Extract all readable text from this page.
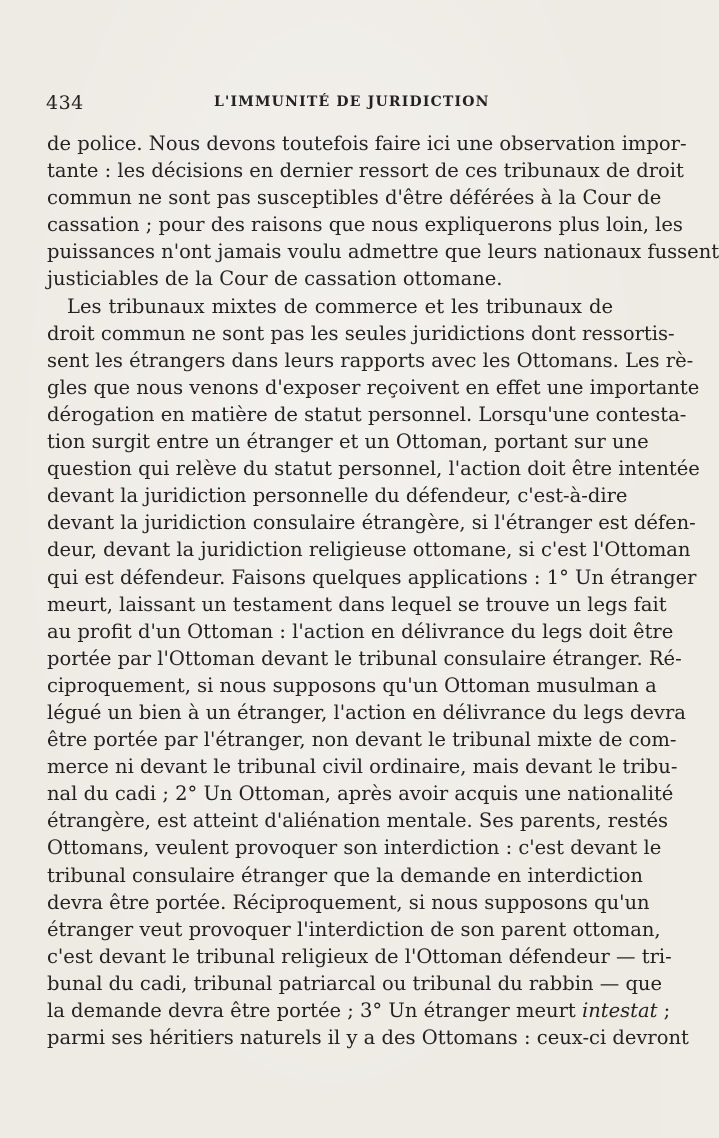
434	L'IMMUNITÉ DE JURIDICTION
de police. Nous devons toutefois faire ici une observation impor-
tante : les décisions en dernier ressort de ces tribunaux de droit
commun ne sont pas susceptibles d'être déférées à la Cour de
cassation ; pour des raisons que nous expliquerons plus loin, les
puissances n'ont jamais voulu admettre que leurs nationaux fussent
justiciables de la Cour de cassation ottomane.
Les tribunaux mixtes de commerce et les tribunaux de
droit commun ne sont pas les seules juridictions dont ressortis-
sent les étrangers dans leurs rapports avec les Ottomans. Les rè-
gles que nous venons d'exposer reçoivent en effet une importante
dérogation en matière de statut personnel. Lorsqu'une contesta-
tion surgit entre un étranger et un Ottoman, portant sur une
question qui relève du statut personnel, l'action doit être intentée
devant la juridiction personnelle du défendeur, c'est-à-dire
devant la juridiction consulaire étrangère, si l'étranger est défen-
deur, devant la juridiction religieuse ottomane, si c'est l'Ottoman
qui est défendeur. Faisons quelques applications : 1° Un étranger
meurt, laissant un testament dans lequel se trouve un legs fait
au profit d'un Ottoman : l'action en délivrance du legs doit être
portée par l'Ottoman devant le tribunal consulaire étranger. Ré-
ciproquement, si nous supposons qu'un Ottoman musulman a
légué un bien à un étranger, l'action en délivrance du legs devra
être portée par l'étranger, non devant le tribunal mixte de com-
merce ni devant le tribunal civil ordinaire, mais devant le tribu-
nal du cadi ; 2° Un Ottoman, après avoir acquis une nationalité
étrangère, est atteint d'aliénation mentale. Ses parents, restés
Ottomans, veulent provoquer son interdiction : c'est devant le
tribunal consulaire étranger que la demande en interdiction
devra être portée. Réciproquement, si nous supposons qu'un
étranger veut provoquer l'interdiction de son parent ottoman,
c'est devant le tribunal religieux de l'Ottoman défendeur — tri-
bunal du cadi, tribunal patriarcal ou tribunal du rabbin — que
la demande devra être portée ; 3° Un étranger meurt intestat ;
parmi ses héritiers naturels il y a des Ottomans : ceux-ci devront
